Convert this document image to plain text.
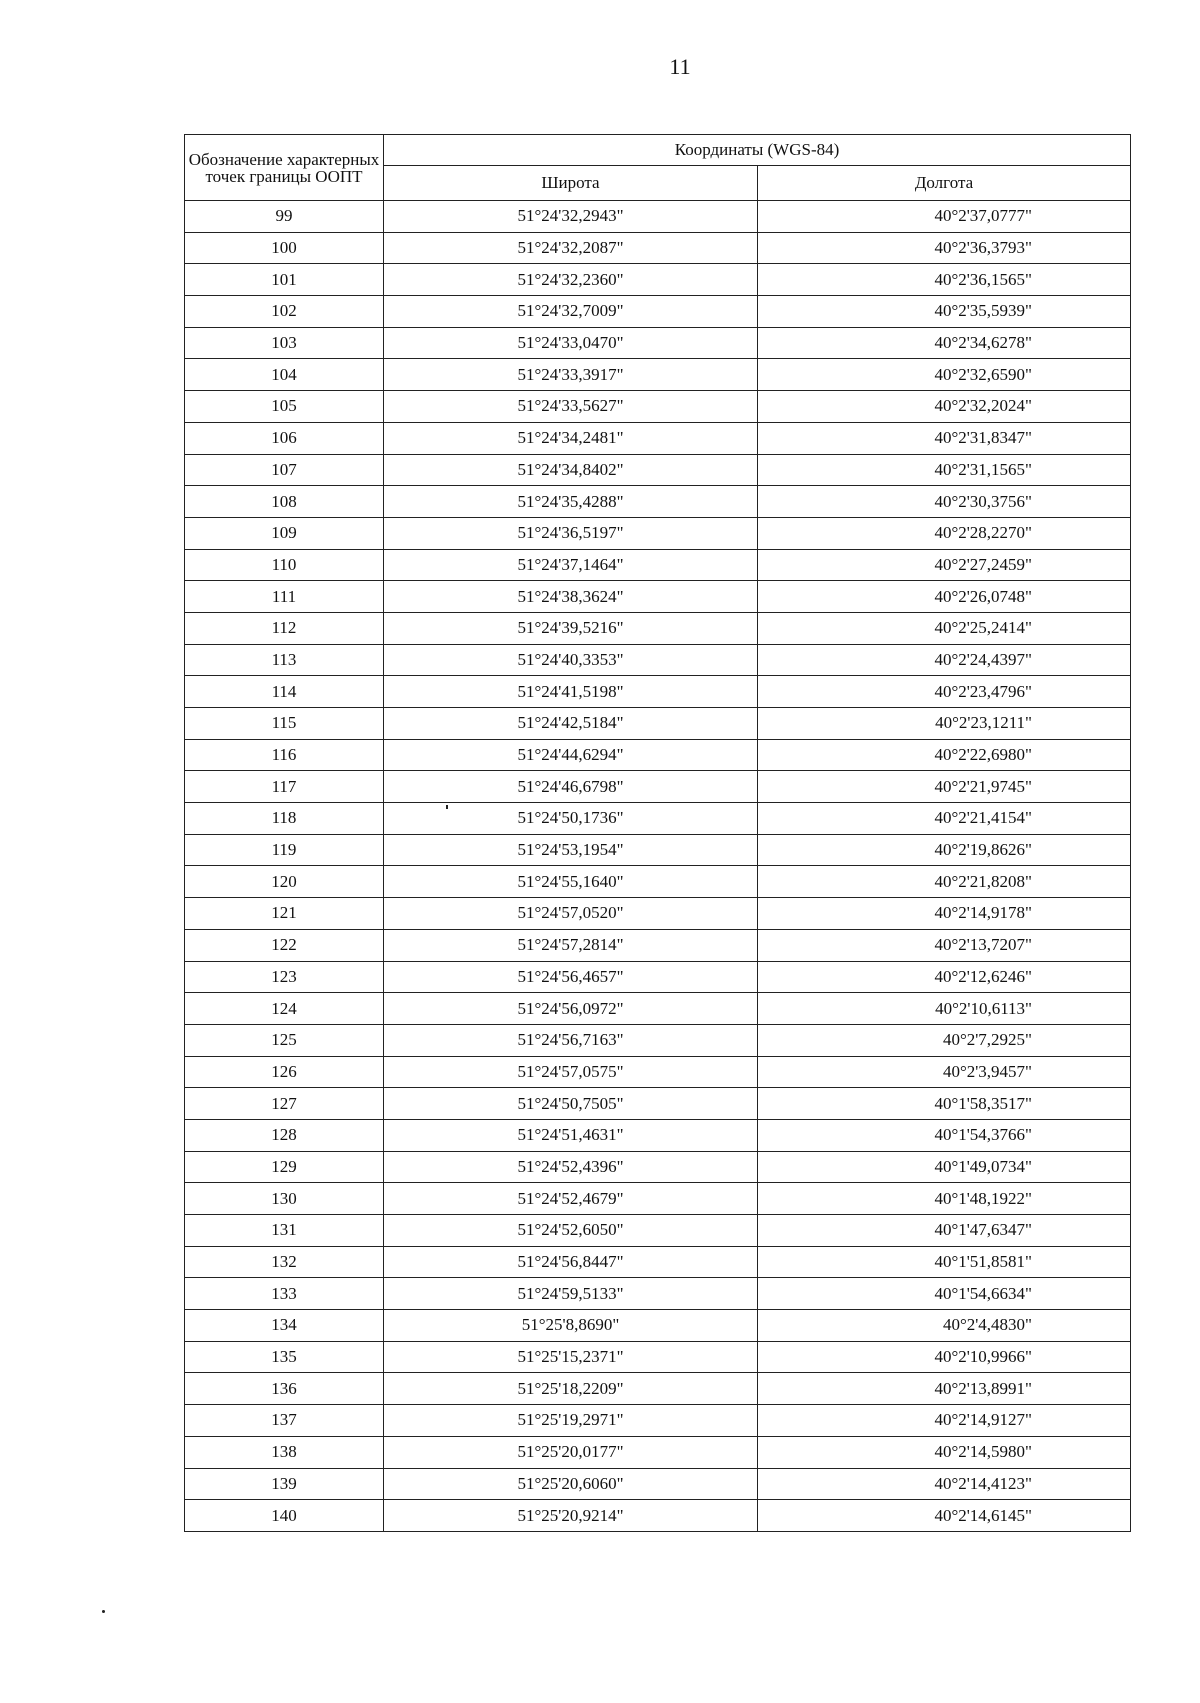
11
Обозначение характерных точек границы ООПТ	Координаты (WGS-84)	
	Широта	Долгота
99	51°24'32,2943"	40°2'37,0777"
100	51°24'32,2087"	40°2'36,3793"
101	51°24'32,2360"	40°2'36,1565"
102	51°24'32,7009"	40°2'35,5939"
103	51°24'33,0470"	40°2'34,6278"
104	51°24'33,3917"	40°2'32,6590"
105	51°24'33,5627"	40°2'32,2024"
106	51°24'34,2481"	40°2'31,8347"
107	51°24'34,8402"	40°2'31,1565"
108	51°24'35,4288"	40°2'30,3756"
109	51°24'36,5197"	40°2'28,2270"
110	51°24'37,1464"	40°2'27,2459"
111	51°24'38,3624"	40°2'26,0748"
112	51°24'39,5216"	40°2'25,2414"
113	51°24'40,3353"	40°2'24,4397"
114	51°24'41,5198"	40°2'23,4796"
115	51°24'42,5184"	40°2'23,1211"
116	51°24'44,6294"	40°2'22,6980"
117	51°24'46,6798"	40°2'21,9745"
118	51°24'50,1736"	40°2'21,4154"
119	51°24'53,1954"	40°2'19,8626"
120	51°24'55,1640"	40°2'21,8208"
121	51°24'57,0520"	40°2'14,9178"
122	51°24'57,2814"	40°2'13,7207"
123	51°24'56,4657"	40°2'12,6246"
124	51°24'56,0972"	40°2'10,6113"
125	51°24'56,7163"	40°2'7,2925"
126	51°24'57,0575"	40°2'3,9457"
127	51°24'50,7505"	40°1'58,3517"
128	51°24'51,4631"	40°1'54,3766"
129	51°24'52,4396"	40°1'49,0734"
130	51°24'52,4679"	40°1'48,1922"
131	51°24'52,6050"	40°1'47,6347"
132	51°24'56,8447"	40°1'51,8581"
133	51°24'59,5133"	40°1'54,6634"
134	51°25'8,8690"	40°2'4,4830"
135	51°25'15,2371"	40°2'10,9966"
136	51°25'18,2209"	40°2'13,8991"
137	51°25'19,2971"	40°2'14,9127"
138	51°25'20,0177"	40°2'14,5980"
139	51°25'20,6060"	40°2'14,4123"
140	51°25'20,9214"	40°2'14,6145"
